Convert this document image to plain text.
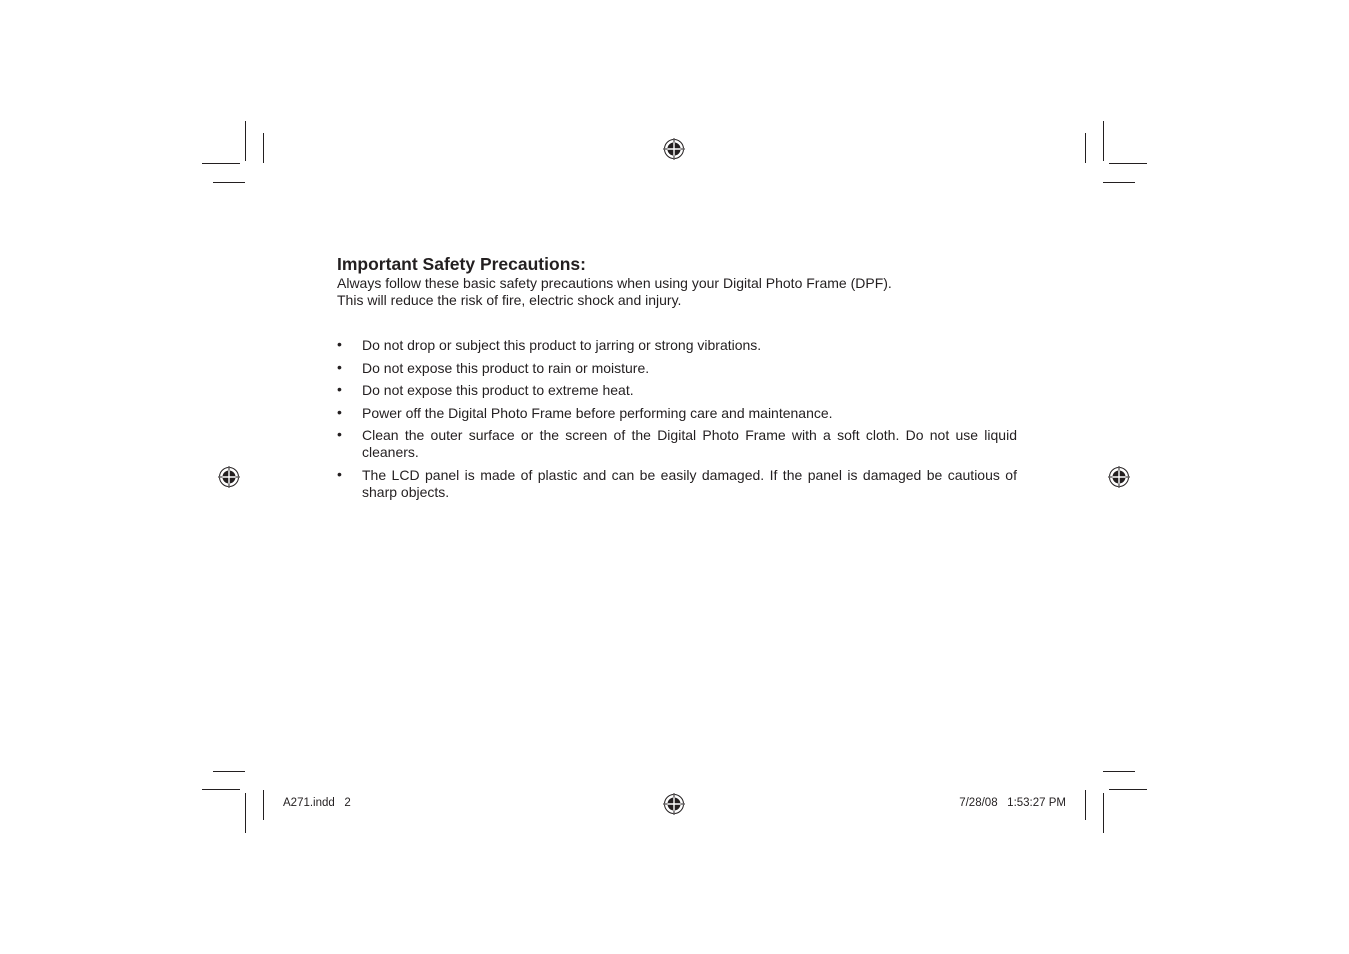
Important Safety Precautions:

Always follow these basic safety precautions when using your Digital Photo Frame (DPF).

This will reduce the risk of fire, electric shock and injury.

• Do not drop or subject this product to jarring or strong vibrations.
• Do not expose this product to rain or moisture.
• Do not expose this product to extreme heat.
• Power off the Digital Photo Frame before performing care and maintenance.
• Clean the outer surface or the screen of the Digital Photo Frame with a soft cloth. Do not use liquid cleaners.
• The LCD panel is made of plastic and can be easily damaged. If the panel is damaged be cautious of sharp objects.
A271.indd   2	7/28/08   1:53:27 PM
